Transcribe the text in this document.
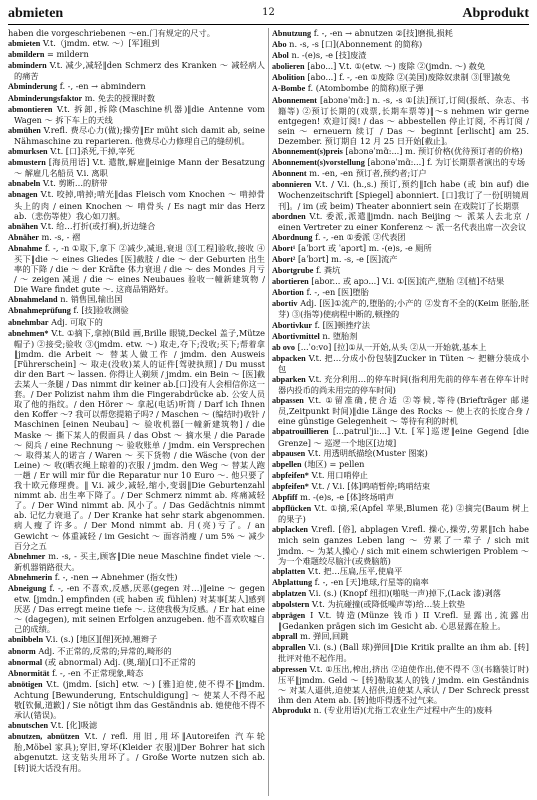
abmieten	12	Abprodukt

haben die vorgeschriebenen ～en.门有规定的尺寸。

abmieten V.t.（jmdm. etw. ～）[军]租到

abmildern = mildern

abmindern V.t. 减少,减轻‖den Schmerz des Kranken ～ 减轻病人的痛苦

Abminderung f. -, -en → abmindern

Abminderungsfaktor m. 免去的授课时数

abmontieren V.t. 拆卸,拆除(Maschine机器)‖die Antenne vom Wagen ～ 拆下车上的天线

abmühen V.refl. 费尽心力(做);操劳‖Er müht sich damit ab, seine Nähmaschine zu reparieren. 他费尽心力修理自己的缝纫机。

abmurksen V.t. [口]杀死,干掉,宰死

abmustern [海员用语] V.t. 遣散,解雇‖einige Mann der Besatzung ～ 解雇几名船员 V.i. 离职

abnabeln V.t. 剪断…的脐带

abnagen V.t. 咬掉,啃掉;啃光‖das Fleisch vom Knochen ～ 啃掉骨头上的肉 / einen Knochen ～ 啃骨头 / Es nagt mir das Herz ab.（悲伤等使）我心如刀割。

abnähen V.t. 给…打折(或打裥),折边缝合

Abnäher m. -s, - 褶

Abnahme f. -, -n ①取下,拿下 ②减少,减退,衰退 ③[工程]验收,接收 ④买下‖die ～ eines Gliedes [医]截肢 / die ～ der Geburten 出生率的下降 / die ～ der Kräfte 体力衰退 / die ～ des Mondes 月亏 / ～ zeigen 减退 / die ～ eines Neubaues 验收一幢新建筑物 / Die Ware findet gute ～. 这商品销路好。

Abnahmeland n. 销售国,输出国

Abnahmeprüfung f. [技]验收测验

abnehmbar Adj. 可取下的

abnehmen* V.t. ①摘下,拿掉(Bild 画,Brille 眼镜,Deckel 盖子,Mütze 帽子) ②接受;验收 ③(jmdm. etw. ～) 取走,夺下;没收;买下;帮着拿‖jmdm. die Arbeit ～ 替某人做工作 / jmdm. den Ausweis [Führerschein] ～ 取走(没收)某人的证件[驾驶执照] / Du musst dir den Bart ～ lassen. 你得让人剃须 / jmdm. ein Bein ～ [医]截去某人一条腿 / Das nimmt dir keiner ab.[口]没有人会相信你这一套。/ Der Polizist nahm ihm die Fingerabdrücke ab. 公安人员取了他的指纹。/ den Hörer ～ 拿起(电话)听筒 / Darf ich Ihnen den Koffer ～? 我可以帮您提箱子吗? / Maschen ～ (编结时)收针 / Maschinen [einen Neubau] ～ 验收机器[一幢新建筑物] / die Maske ～ 撕下某人的假面具 / das Obst ～ 摘水果 / die Parade ～ 阅兵 / eine Rechnung ～ 验收账单 / jmdm. ein Versprechen ～ 取得某人的诺言 / Waren ～ 买下货物 / die Wäsche (von der Leine) ～ 收(晒衣绳上晾着的)衣服 / jmdm. den Weg ～ 替某人跑一趟 / Er will mir für die Reparatur nur 10 Euro ～. 他只要了我十欧元修理费。‖ V.i. 减少,减轻,缩小,变弱‖Die Geburtenzahl nimmt ab. 出生率下降了。/ Der Schmerz nimmt ab. 疼痛减轻了。/ Der Wind nimmt ab. 风小了。/ Das Gedächtnis nimmt ab. 记忆力衰退了。/ Der Kranke hat sehr stark abgenommen. 病人瘦了许多。/ Der Mond nimmt ab. 月(亮)亏了。/ an Gewicht ～ 体重减轻 / im Gesicht ～ 面容消瘦 / um 5% ～ 减少百分之五

Abnehmer m. -s, - 买主,顾客‖Die neue Maschine findet viele ～. 新机器销路很大。

Abnehmerin f. -, -nen → Abnehmer (指女性)

Abneigung f. -, -en 不喜欢,反感,厌恶(gegen 对…)‖eine ～ gegen etw. [jmdn.] empfinden (或 haben 或 fühlen) 对某事[某人]感到厌恶 / Das erregt meine tiefe ～. 这使我极为反感。/ Er hat eine ～ (dagegen), mit seinen Erfolgen anzugeben. 他不喜欢吹嘘自己的成绩。

abnibbeln V.i. (s.) [地区][俚]死掉,翘辫子

abnorm Adj. 不正常的,反常的;异常的,畸形的

abnormal (或 abnormal) Adj. (奥,瑞)[口]不正常的

Abnormität f. -, -en 不正常现象,畸态

abnötigen V.t. (jmdm. [sich] etw. ～) [雅]迫使,使不得不‖jmdm. Achtung [Bewunderung, Entschuldigung] ～ 使某人不得不起敬[钦佩,道歉] / Sie nötigt ihm das Geständnis ab. 她使他不得不承认(错误)。

abnutschen V.t. [化]吸滤

abnutzen, abnützen V.t. / refl. 用旧,用坏‖Autoreifen 汽车轮胎,Möbel 家具);穿旧,穿坏(Kleider 衣服)‖Der Bohrer hat sich abgenutzt. 这支钻头用坏了。/ Große Worte nutzen sich ab. [转]说大话没有用。

Abnutzung f. -, -en → abnutzen ②[技]磨损,损耗

Abo n. -s, -s [口](Abonnement 的简称)

Abol n. -(e)s, -e [技]废渣

abolieren [abo...] V.t. ①(etw. ～) 废除 ②(jmdn. ～) 赦免

Abolition [abo...] f. -, -en ①废除 ②(美国)废除奴隶制 ③[罪]赦免

A-Bombe f. (Atombombe 的简称)原子弹

Abonnement [abɔnəˈmɑ̃ː] n. -s, -s ①[法]预订,订阅(报纸、杂志、书籍等) ②预订长期的(戏票,长期车票等)‖～s nehmen wir gerne entgegen! 欢迎订阅! / das ～ abbestellen 停止订阅, 不再订阅 / sein ～ erneuern 续订 / Das ～ beginnt [erlischt] am 25. Dezember. 预订期自 12 月 25 日开始[截止]。

Abonnement(s)preis [abɔnəˈmɑ̃:...] m. 预订价格(优待预订者的价格)

Abonnement(s)vorstellung [abɔnəˈmɑ̃:...] f. 为订长期票者演出的专场

Abonnent m. -en, -en 预订者,预约者;订户

abonnieren V.t. / V.i. (h.,s.) 预订,预约‖Ich habe (或 bin auf) die Wochenzeitschrift [Spiegel] abonniert. [口]我订了一份[明镜周刊]。/ im (或 beim) Theater abonniert sein 在戏院订了长期票

abordnen V.t. 委派,派遣‖jmdn. nach Beijing ～ 派某人去北京 / einen Vertreter zu einer Konferenz ～ 派一名代表出席一次会议

Abordnung f. -, -en ①委派 ②代表团

Abort¹ [aˈbɔrt 或 ˈapɔrt] m. -(e)s, -e 厕所

Abort² [aˈbɔrt] m. -s, -e [医]流产

Abortgrube f. 粪坑

abortieren [abor... 或 apɔ...] V.i. ①[医]流产,堕胎 ②[植]不结果

Abortion f. -, -en [医]堕胎

abortiv Adj. [医]①流产的,堕胎的;小产的 ②发育不全的(Keim 胚胎,胚芽) ③(指等)使病程中断的,顿挫的

Abortivkur f. [医]顿挫疗法

Abortivmittel n. 堕胎剂

ab ovo [...ˈoːvo] [拉]①从一开始,从头 ②从一开始就,基本上

abpacken V.t. 把…分成小份包装‖Zucker in Tüten ～ 把糖分装成小包

abparken V.t. 充分利用…的停车时间(指利用先前的停车者在停车计时器内投币的尚未用完的停车时间)

abpassen V.t. ①留准确,使合适 ②等候,等待(Briefträger 邮递员,Zeitpunkt 时间)‖die Länge des Rocks ～ 使上衣的长度合身 / eine günstige Gelegenheit ～ 等待有利的时机

abpatrouillieren [...patrulˈji:...] V.t. [军]巡逻‖eine Gegend [die Grenze] ～ 巡逻一个地区[边境]

abpausen V.t. 用透明纸描绘(Muster 图案)

abpellen (地区) = pellen

abpfeifen* V.t. 用口哨停止

abpfeifen* V.t. / V.i. [体]鸣哨暂停;鸣哨结束

Abpfiff m. -(e)s, -e [体]终场哨声

abpflücken V.t. ①摘,采(Apfel 苹果,Blumen 花) ②摘完(Baum 树上的果子)

abplacken V.refl. [俗], abplagen V.refl. 操心,操劳,劳累‖Ich habe mich sein ganzes Leben lang ～ 劳累了一辈子 / sich mit jmdm. ～ 为某人操心 / sich mit einem schwierigen Problem ～ 为一个难题绞尽脑汁(或费脑筋)

abplatten V.t. 把…压扁,压平,使扁平

Abplattung f. -, -en [天]地球,行星等的扁率

abplatzen V.i. (s.) (Knopf 纽扣)(啪哒一声)掉下,(Lack 漆)剥落

abpolstern V.t. 为抗碰撞(或降低噪声等)给…装上软垫

abprägen I V.t. 铸造(Münze 钱币) II V.refl. 显露出,流露出‖Gedanken prägen sich im Gesicht ab. 心思显露在脸上。

abprall m. 弹回,回跳

abprallen V.i. (s.) (Ball 球)弹回‖Die Kritik prallte an ihm ab. [转]批评对他不起作用。

abpressen V.t. ①压出,榨出,挤出 ②迫使作出,使不得不 ③(书籍装订时)压平‖jmdm. Geld ～ [转]勒取某人的钱 / jmdm. ein Geständnis ～ 对某人逼供,迫使某人招供,迫使某人承认 / Der Schreck presst ihm den Atem ab. [转]他吓得透不过气来。

Abprodukt n. (专业用语)(尤指工农业生产过程中产生的)废料
